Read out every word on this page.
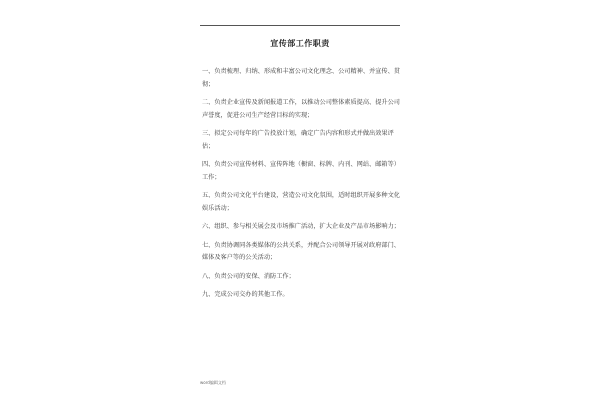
宣传部工作职责
一、负责梳理、归纳、形成和丰富公司文化理念、公司精神、并宣传、贯彻；
二、负责企业宣传及新闻报道工作，以推动公司整体素质提高、提升公司声誉度，促进公司生产经营目标的实现；
三、拟定公司每年的广告投放计划，确定广告内容和形式并做出效果评估；
四、负责公司宣传材料、宣传阵地（橱窗、标牌、内刊、网站、邮箱等）工作；
五、负责公司文化平台建设，营造公司文化氛围，适时组织开展多种文化娱乐活动；
六、组织、参与相关展会及市场推广活动，扩大企业及产品市场影响力；
七、负责协调同各类媒体的公共关系，并配合公司领导开展对政府部门、媒体及客户等的公关活动；
八、负责公司的安保、消防工作；
九、完成公司交办的其他工作。
word编辑文档
